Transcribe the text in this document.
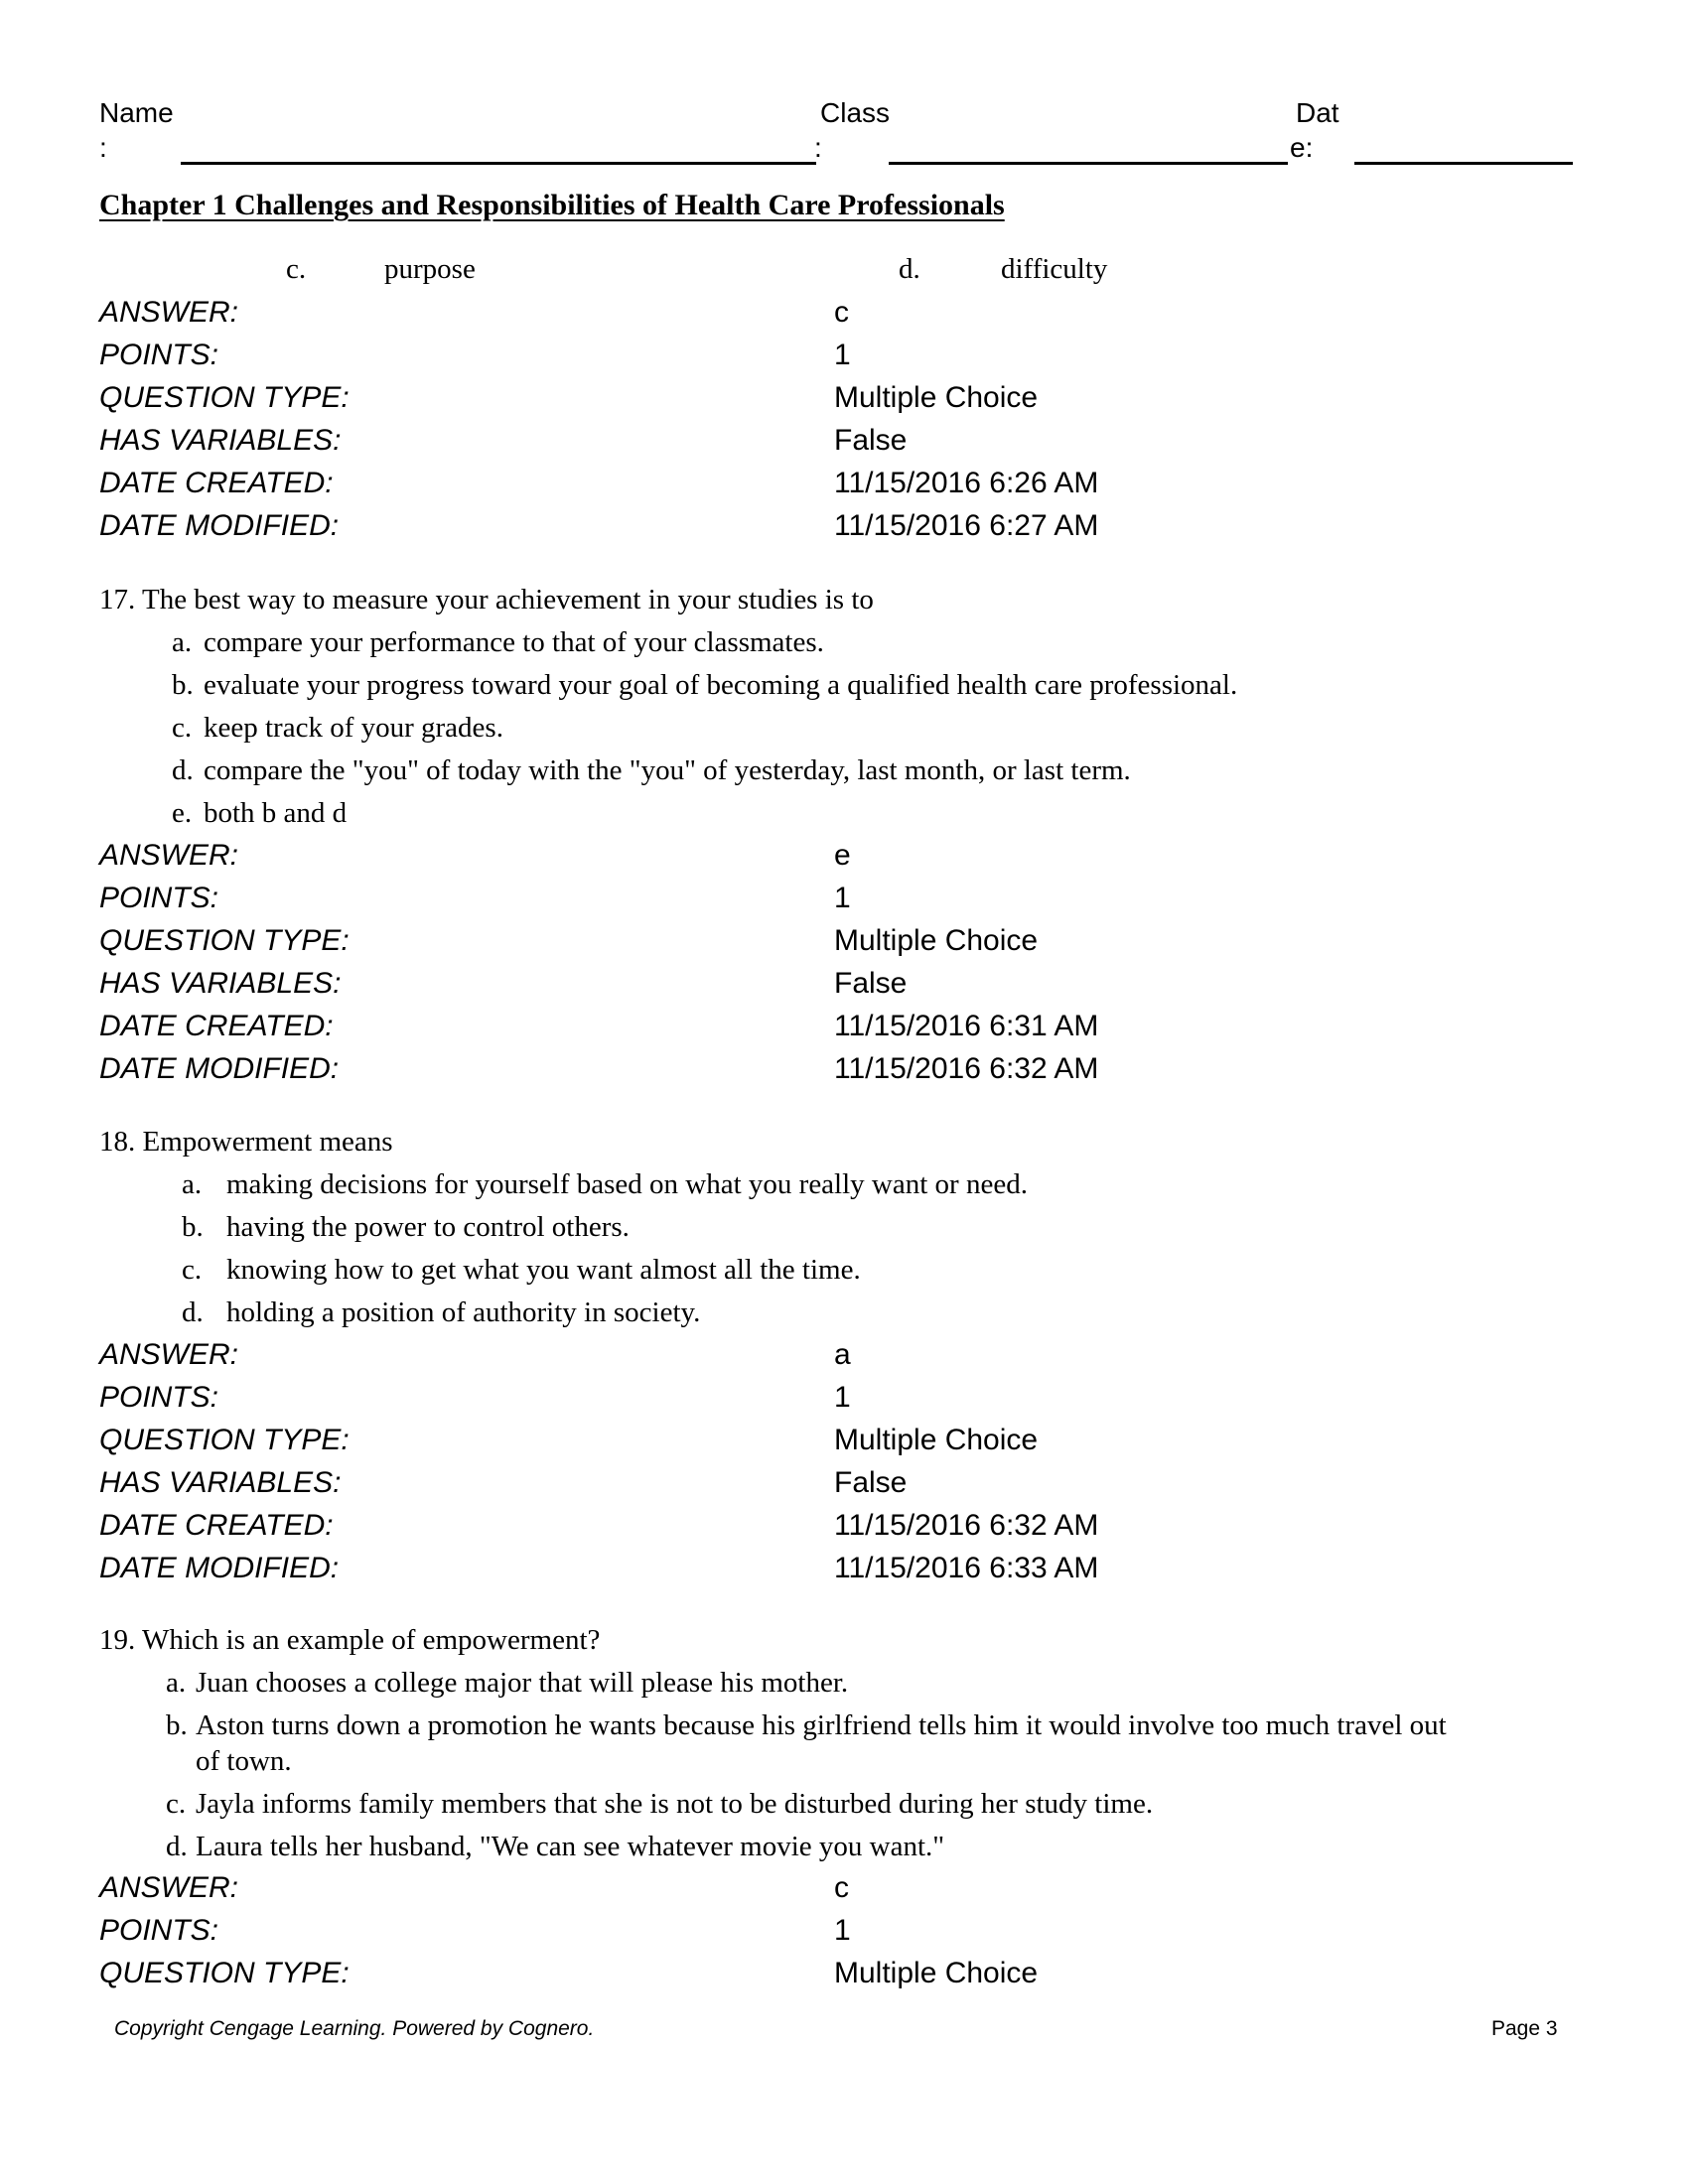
Name
:
Class
:
Dat
e:
Chapter 1 Challenges and Responsibilities of Health Care Professionals
c.	purpose	d.	difficulty
ANSWER:	c
POINTS:	1
QUESTION TYPE:	Multiple Choice
HAS VARIABLES:	False
DATE CREATED:	11/15/2016 6:26 AM
DATE MODIFIED:	11/15/2016 6:27 AM
17. The best way to measure your achievement in your studies is to
a. compare your performance to that of your classmates.
b. evaluate your progress toward your goal of becoming a qualified health care professional.
c. keep track of your grades.
d. compare the "you" of today with the "you" of yesterday, last month, or last term.
e. both b and d
ANSWER:	e
POINTS:	1
QUESTION TYPE:	Multiple Choice
HAS VARIABLES:	False
DATE CREATED:	11/15/2016 6:31 AM
DATE MODIFIED:	11/15/2016 6:32 AM
18. Empowerment means
a. making decisions for yourself based on what you really want or need.
b. having the power to control others.
c. knowing how to get what you want almost all the time.
d. holding a position of authority in society.
ANSWER:	a
POINTS:	1
QUESTION TYPE:	Multiple Choice
HAS VARIABLES:	False
DATE CREATED:	11/15/2016 6:32 AM
DATE MODIFIED:	11/15/2016 6:33 AM
19. Which is an example of empowerment?
a. Juan chooses a college major that will please his mother.
b. Aston turns down a promotion he wants because his girlfriend tells him it would involve too much travel out
of town.
c. Jayla informs family members that she is not to be disturbed during her study time.
d. Laura tells her husband, "We can see whatever movie you want."
ANSWER:	c
POINTS:	1
QUESTION TYPE:	Multiple Choice
Copyright Cengage Learning. Powered by Cognero.	Page 3
